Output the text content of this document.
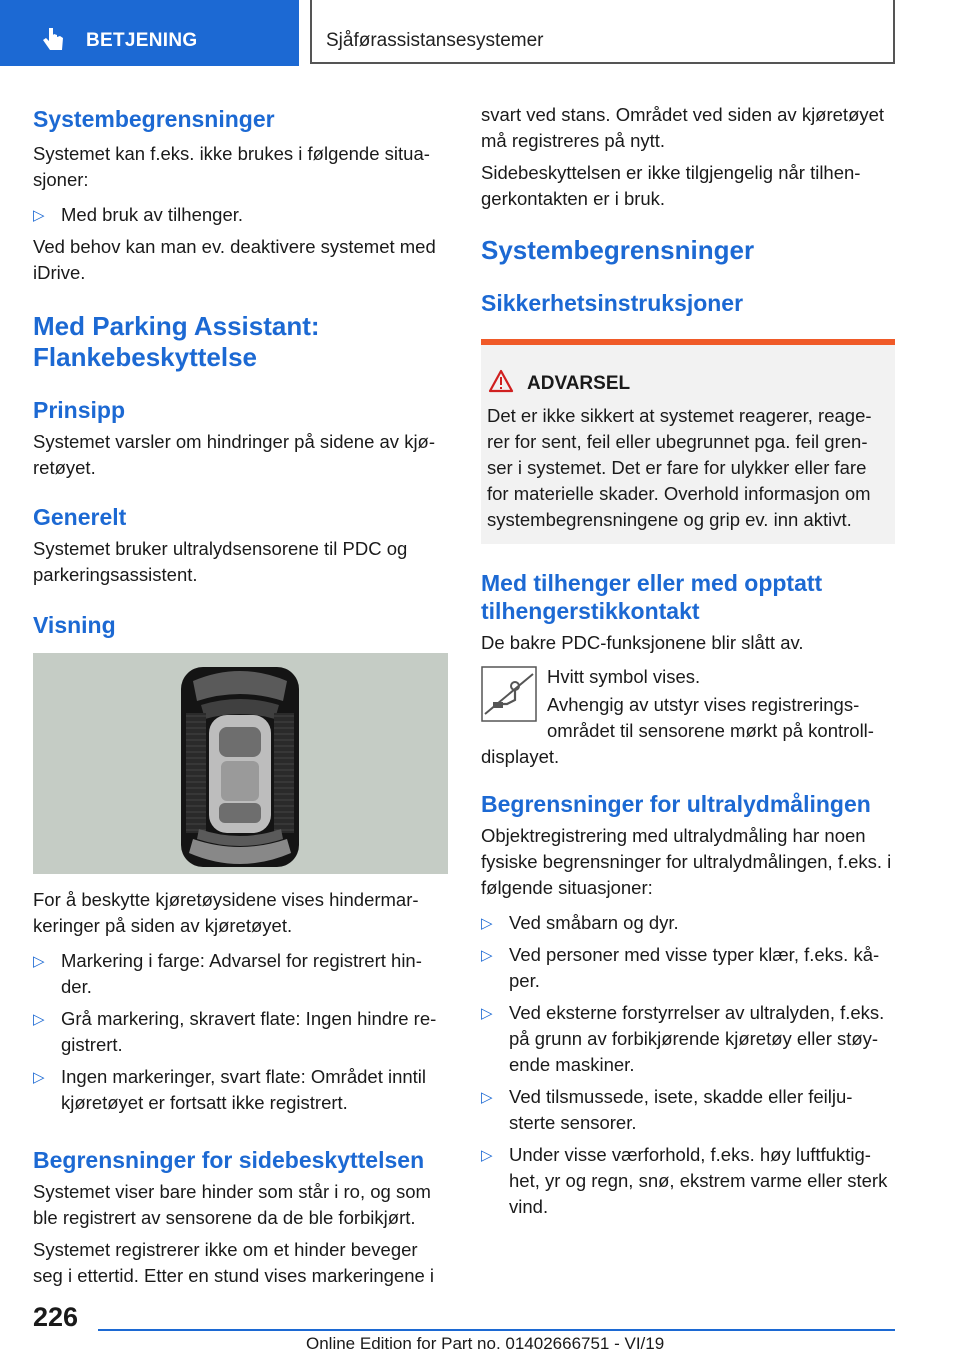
BETJENING	Sjåførassistansesystemer
Systembegrensninger

Systemet kan f.eks. ikke brukes i følgende situa-sjoner:

▷ Med bruk av tilhenger.

Ved behov kan man ev. deaktivere systemet med iDrive.

Med Parking Assistant:
Flankebeskyttelse
Prinsipp

Systemet varsler om hindringer på sidene av kjø-retøyet.

Generelt

Systemet bruker ultralydsensorene til PDC og parkeringsassistent.

Visning

For å beskytte kjøretøysidene vises hindermar-keringer på siden av kjøretøyet.

▷ Markering i farge: Advarsel for registrert hin-der.
▷ Grå markering, skravert flate: Ingen hindre re-gistrert.
▷ Ingen markeringer, svart flate: Området inntil kjøretøyet er fortsatt ikke registrert.
Begrensninger for sidebeskyttelsen

Systemet viser bare hinder som står i ro, og som ble registrert av sensorene da de ble forbikjørt.

Systemet registrerer ikke om et hinder beveger seg i ettertid. Etter en stund vises markeringene i

svart ved stans. Området ved siden av kjøretøyet må registreres på nytt.

Sidebeskyttelsen er ikke tilgjengelig når tilhen-gerkontakten er i bruk.

Systembegrensninger
Sikkerhetsinstruksjoner
ADVARSEL
Det er ikke sikkert at systemet reagerer, reage-rer for sent, feil eller ubegrunnet pga. feil gren-ser i systemet. Det er fare for ulykker eller fare for materielle skader. Overhold informasjon om systembegrensningene og grip ev. inn aktivt.
Med tilhenger eller med opptatt
tilhengerstikkontakt

De bakre PDC-funksjonene blir slått av.

Hvitt symbol vises.

Avhengig av utstyr vises registrerings-

området til sensorene mørkt på kontroll-

displayet.

Begrensninger for ultralydmålingen

Objektregistrering med ultralydmåling har noen fysiske begrensninger for ultralydmålingen, f.eks. i følgende situasjoner:

▷ Ved småbarn og dyr.
▷ Ved personer med visse typer klær, f.eks. kå-per.
▷ Ved eksterne forstyrrelser av ultralyden, f.eks. på grunn av forbikjørende kjøretøy eller støy-ende maskiner.
▷ Ved tilsmussede, isete, skadde eller feilju-sterte sensorer.
▷ Under visse værforhold, f.eks. høy luftfuktig-het, yr og regn, snø, ekstrem varme eller sterk vind.
226
Online Edition for Part no. 01402666751 - VI/19
